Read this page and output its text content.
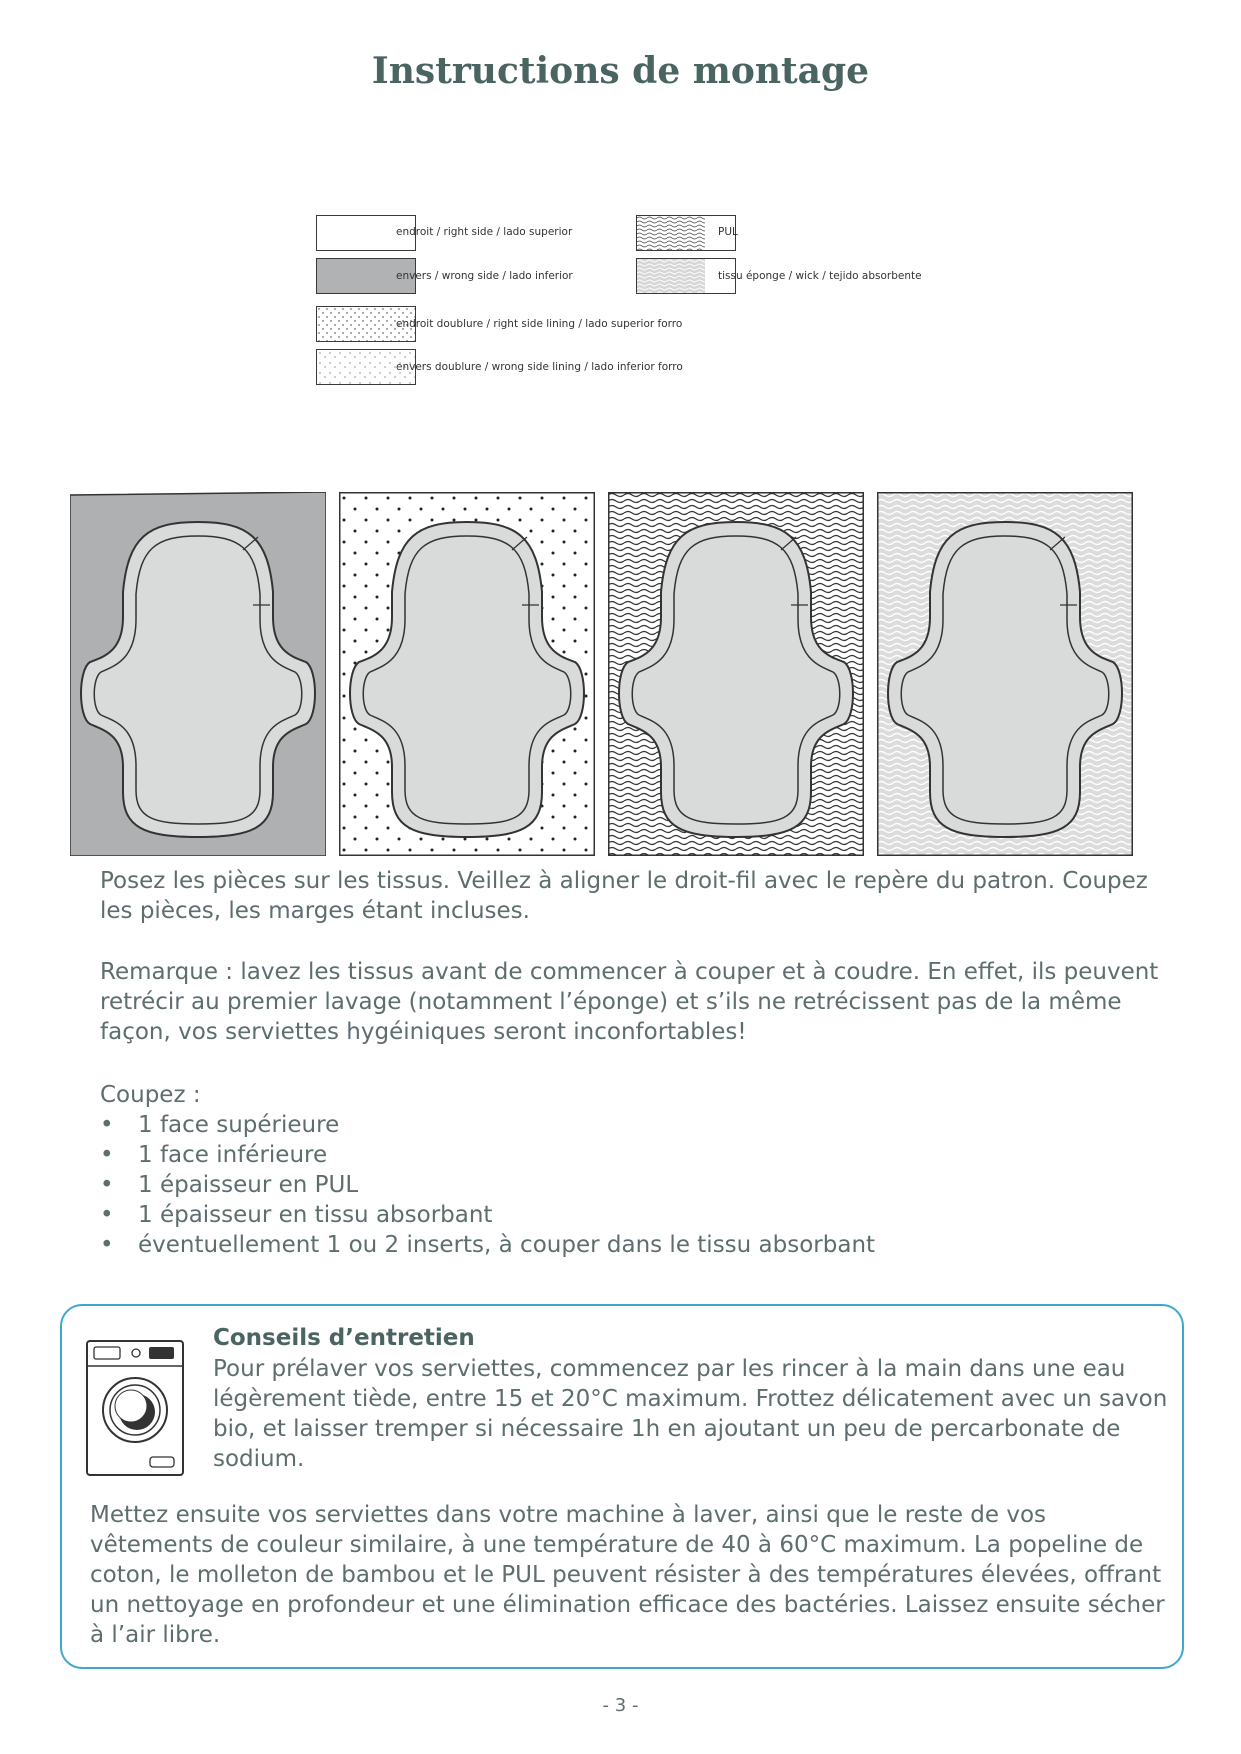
Instructions de montage
endroit / right side / lado superior
envers / wrong side / lado inferior
endroit doublure / right side lining / lado superior forro
envers doublure / wrong side lining / lado inferior forro
PUL
tissu éponge / wick / tejido absorbente

Posez les pièces sur les tissus. Veillez à aligner le droit-fil avec le repère du patron. Coupez les pièces, les marges étant incluses.

Remarque : lavez les tissus avant de commencer à couper et à coudre. En effet, ils peuvent retrécir au premier lavage (notamment l’éponge) et s’ils ne retrécissent pas de la même façon, vos serviettes hygéiniques seront inconfortables!

Coupez :
• 1 face supérieure
• 1 face inférieure
• 1 épaisseur en PUL
• 1 épaisseur en tissu absorbant
• éventuellement 1 ou 2 inserts, à couper dans le tissu absorbant
Conseils d’entretien
Pour prélaver vos serviettes, commencez par les rincer à la main dans une eau légèrement tiède, entre 15 et 20°C maximum. Frottez délicatement avec un savon bio, et laisser tremper si nécessaire 1h en ajoutant un peu de percarbonate de sodium.
Mettez ensuite vos serviettes dans votre machine à laver, ainsi que le reste de vos vêtements de couleur similaire, à une température de 40 à 60°C maximum. La popeline de coton, le molleton de bambou et le PUL peuvent résister à des températures élevées, offrant un nettoyage en profondeur et une élimination efficace des bactéries. Laissez ensuite sécher à l’air libre.
- 3 -
